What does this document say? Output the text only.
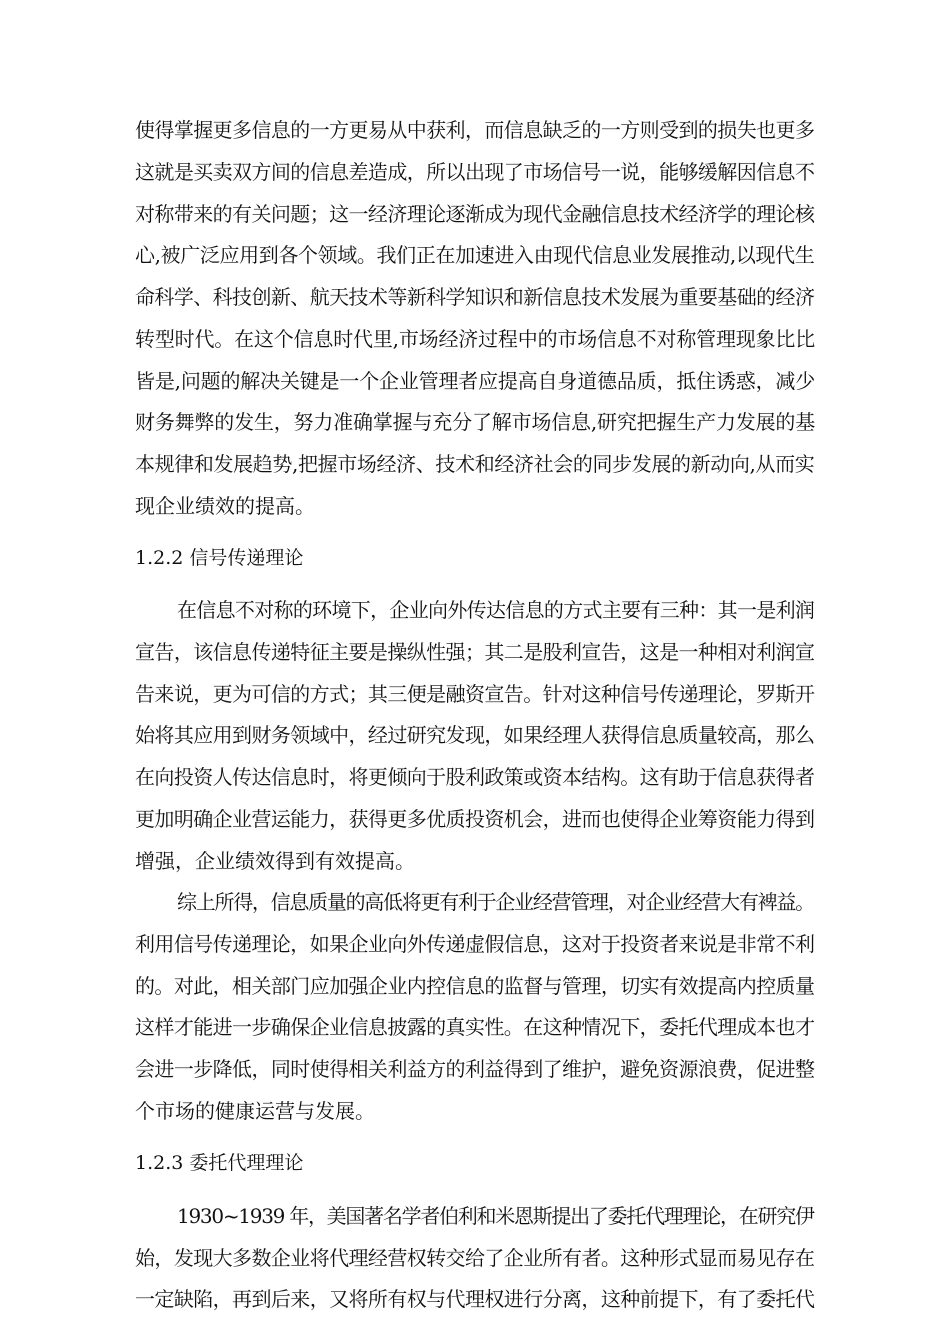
使得掌握更多信息的一方更易从中获利，而信息缺乏的一方则受到的损失也更多
这就是买卖双方间的信息差造成，所以出现了市场信号一说，能够缓解因信息不
对称带来的有关问题；这一经济理论逐渐成为现代金融信息技术经济学的理论核
心,被广泛应用到各个领域。我们正在加速进入由现代信息业发展推动,以现代生
命科学、科技创新、航天技术等新科学知识和新信息技术发展为重要基础的经济
转型时代。在这个信息时代里,市场经济过程中的市场信息不对称管理现象比比
皆是,问题的解决关键是一个企业管理者应提高自身道德品质，抵住诱惑，减少
财务舞弊的发生，努力准确掌握与充分了解市场信息,研究把握生产力发展的基
本规律和发展趋势,把握市场经济、技术和经济社会的同步发展的新动向,从而实
现企业绩效的提高。
1.2.2 信号传递理论
在信息不对称的环境下，企业向外传达信息的方式主要有三种：其一是利润
宣告，该信息传递特征主要是操纵性强；其二是股利宣告，这是一种相对利润宣
告来说，更为可信的方式；其三便是融资宣告。针对这种信号传递理论，罗斯开
始将其应用到财务领域中，经过研究发现，如果经理人获得信息质量较高，那么
在向投资人传达信息时，将更倾向于股利政策或资本结构。这有助于信息获得者
更加明确企业营运能力，获得更多优质投资机会，进而也使得企业筹资能力得到
增强，企业绩效得到有效提高。
综上所得，信息质量的高低将更有利于企业经营管理，对企业经营大有裨益。
利用信号传递理论，如果企业向外传递虚假信息，这对于投资者来说是非常不利
的。对此，相关部门应加强企业内控信息的监督与管理，切实有效提高内控质量
这样才能进一步确保企业信息披露的真实性。在这种情况下，委托代理成本也才
会进一步降低，同时使得相关利益方的利益得到了维护，避免资源浪费，促进整
个市场的健康运营与发展。
1.2.3 委托代理理论
1930~1939 年，美国著名学者伯利和米恩斯提出了委托代理理论，在研究伊
始，发现大多数企业将代理经营权转交给了企业所有者。这种形式显而易见存在
一定缺陷，再到后来，又将所有权与代理权进行分离，这种前提下，有了委托代
